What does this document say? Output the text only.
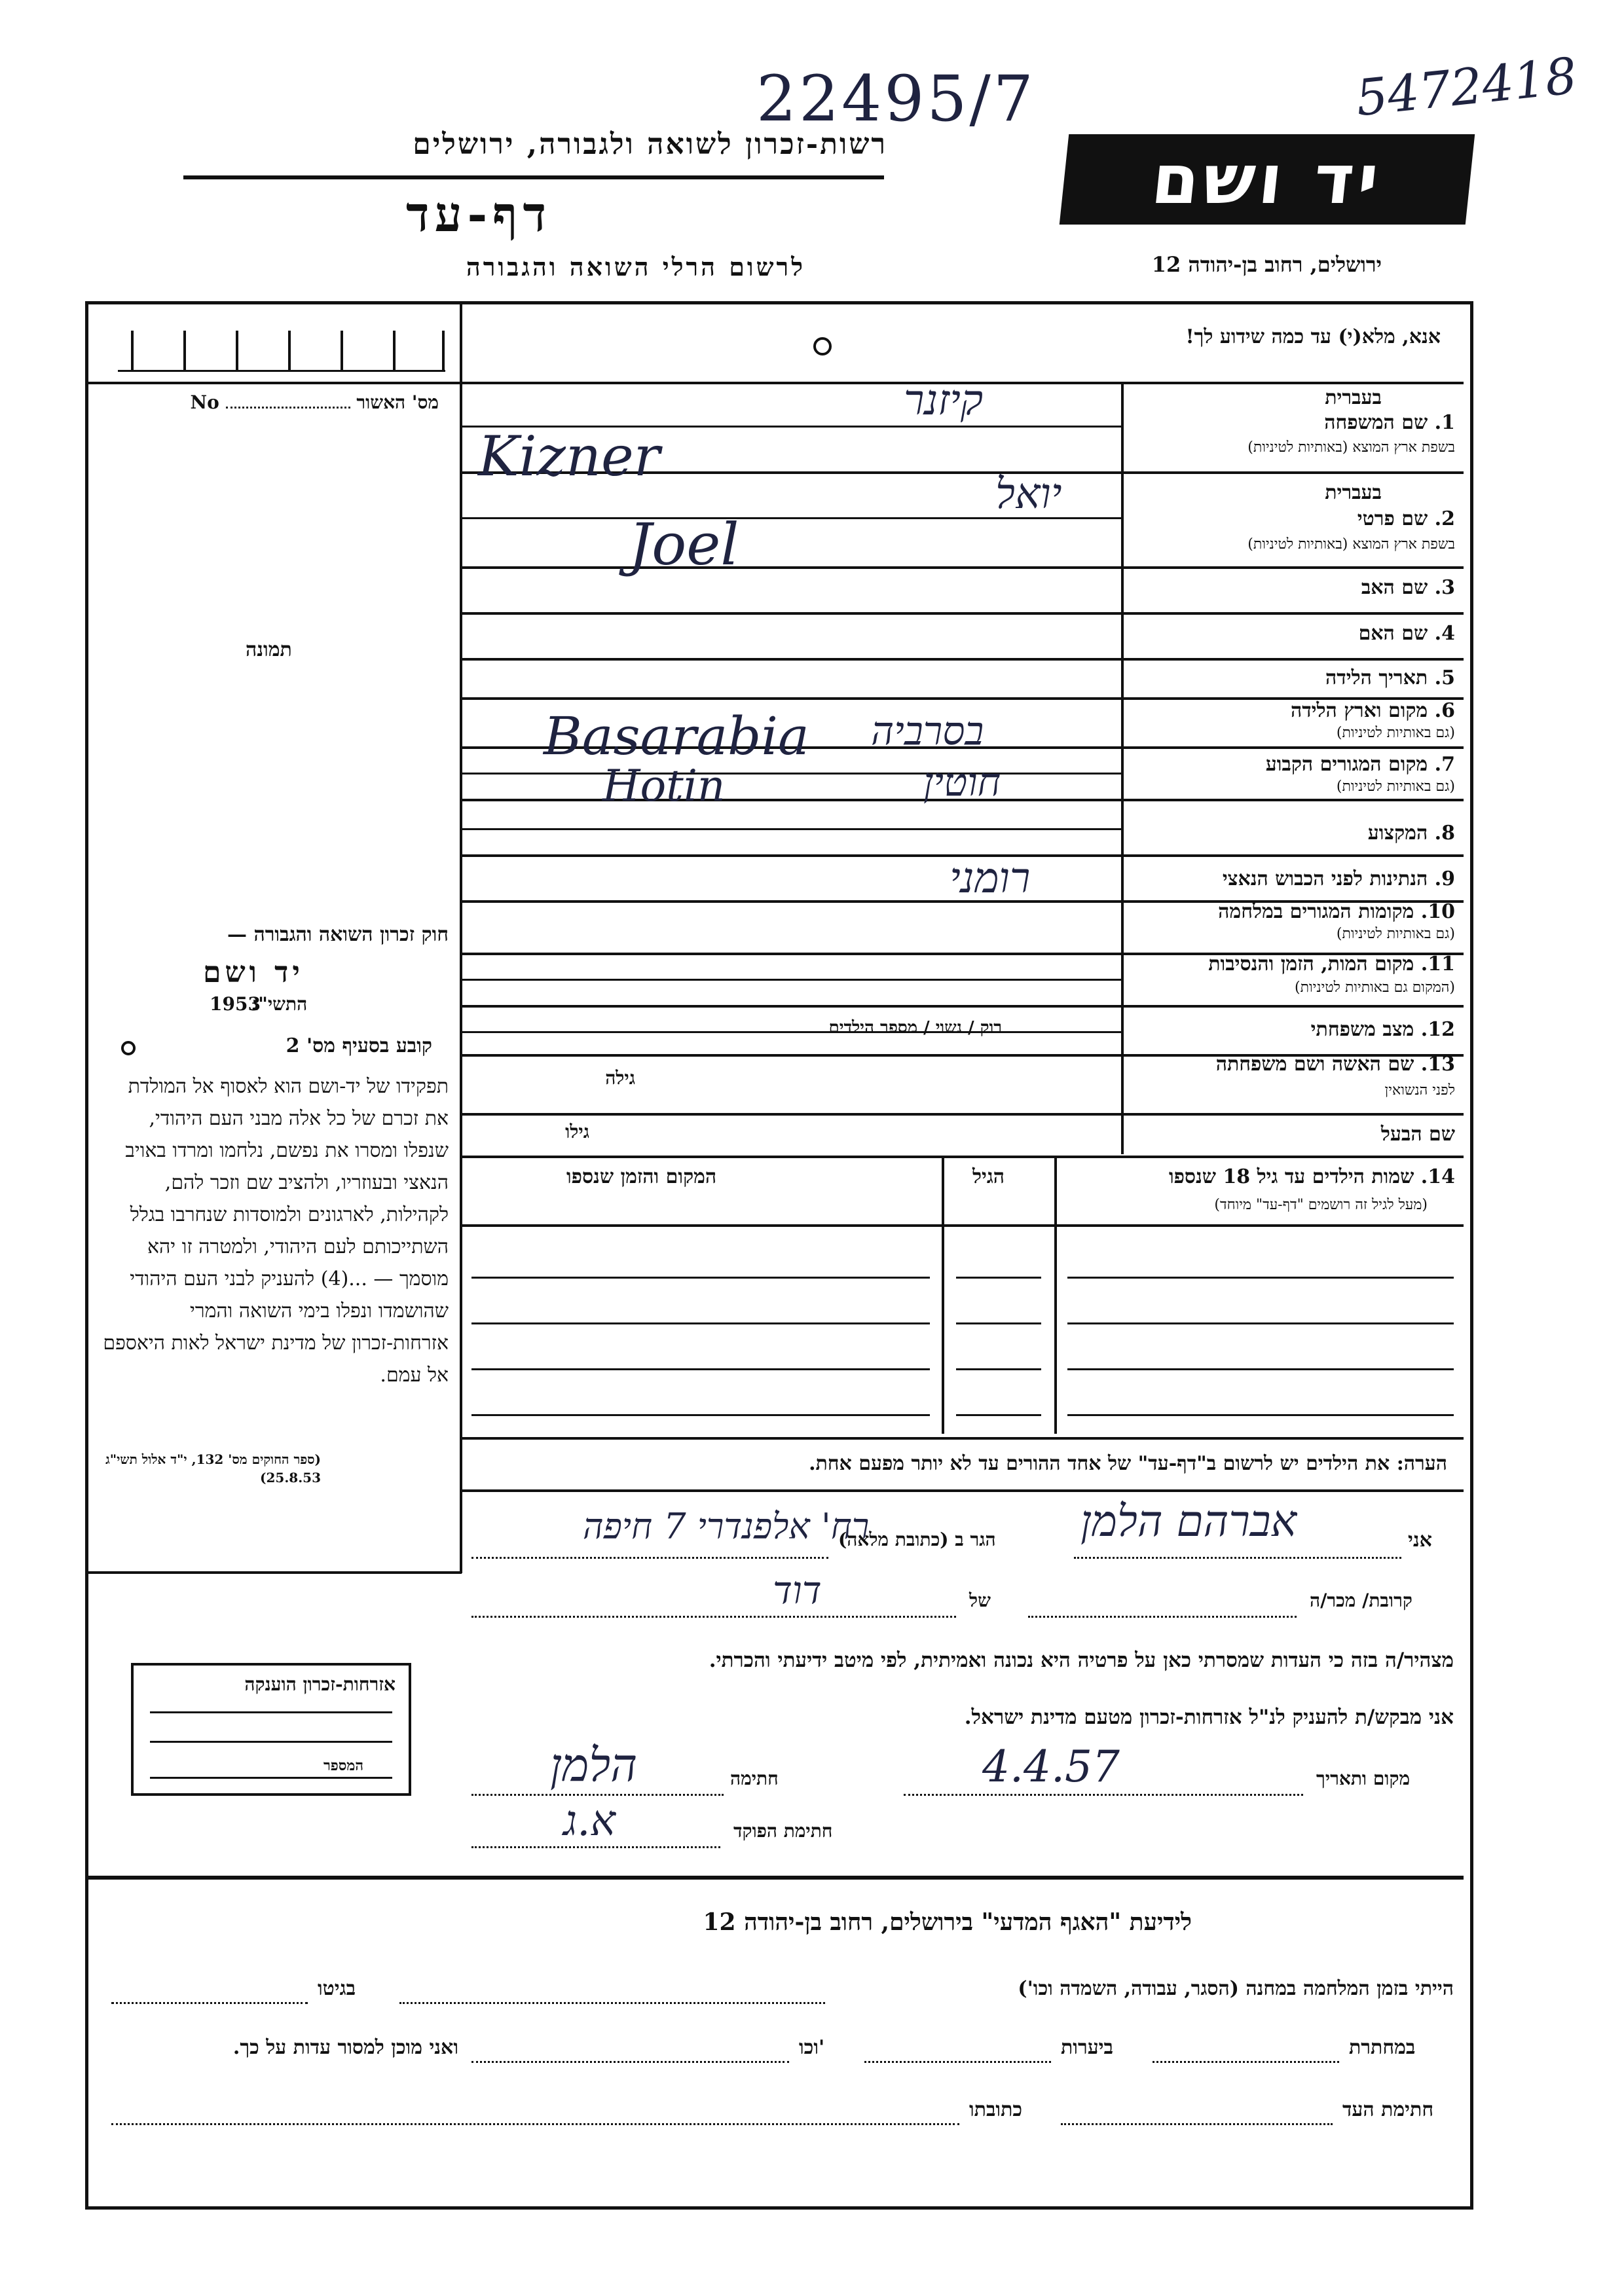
22495/7	5472418
רשות-זכרון לשואה ולגבורה, ירושלים
דף-עד
לרשום הרלי השואה והגבורה
יד ושם
ירושלים, רחוב בן-יהודה 12
אנא, מלא(י) עד כמה שידוע לך!
מס' האשור  No
תמונה
בעברית
1. שם המשפחה
בשפת ארץ המוצא (באותיות לטיניות)
בעברית
2. שם פרטי
בשפת ארץ המוצא (באותיות לטיניות)
3. שם האב
4. שם האם
5. תאריך הלידה
6. מקום וארץ הלידה
(גם באותיות לטיניות)
7. מקום המגורים הקבוע
(גם באותיות לטיניות)
8. המקצוע
9. הנתינות לפני הכבוש הנאצי
10. מקומות המגורים במלחמה
(גם באותיות לטיניות)
11. מקום המות, הזמן והנסיבות
(המקום גם באותיות לטיניות)
12. מצב משפחתי
13. שם האשה ושם משפחתה
לפני הנשואין
שם הבעל
רוק / נשוי / מספר הילדים
גילה
גילו
קיזנר
Kizner
יואל
Joel
Basarabia בסרביה
Hotin	חוטין
רומני
14. שמות הילדים עד גיל 18 שנספו
(מעל לגיל זה רושמים "דף-עד" מיוחד)
הגיל
המקום והזמן שנספו
הערה: את הילדים יש לרשום ב"דף-עד" של אחד ההורים עד לא יותר מפעם אחת.
חוק זכרון השואה והגבורה —
יד ושם
התשי"ג
1953
קובע בסעיף מס' 2
תפקידו של יד-ושם הוא לאסוף אל המולדת את זכרם של כל אלה מבני העם היהודי, שנפלו ומסרו את נפשם, נלחמו ומרדו באויב הנאצי ובעוזריו, ולהציב שם וזכר להם, לקהילות, לארגונים ולמוסדות שנחרבו בגלל השתייכותם לעם היהודי, ולמטרה זו יהא מוסמך — ...(4) להעניק לבני העם היהודי שהושמדו ונפלו בימי השואה והמרי אזרחות-זכרון של מדינת ישראל לאות היאספם אל עמם.
(ספר החוקים מס' 132, י"ד אלול תשי"ג 25.8.53)
אזרחות-זכרון הוענקה
המספר
אני
אברהם הלמן
הגר ב (כתובת מלאה)
רח' אלפנדרי 7 חיפה
קרובת/ מכר/ה
של
דוד
מצהיר/ה בזה כי העדות שמסרתי כאן על פרטיה היא נכונה ואמיתית, לפי מיטב ידיעתי והכרתי.
אני מבקש/ת להעניק לנ"ל אזרחות-זכרון מטעם מדינת ישראל.
מקום ותאריך
4.4.57
חתימה
הלמן
חתימת הפוקד
א.ג
לידיעת "האגף המדעי" בירושלים, רחוב בן-יהודה 12
הייתי בזמן המלחמה במחנה (הסגר, עבודה, השמדה וכו')
בגיטו
במחתרת
ביערות
וכו'
ואני מוכן למסור עדות על כך.
חתימת העד
כתובתו
